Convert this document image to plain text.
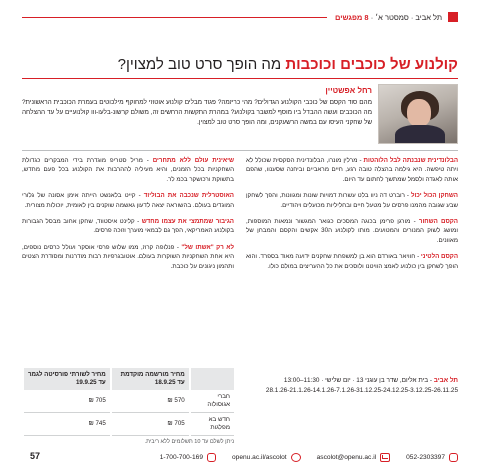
תל אביב · סמסטר א׳ · 8 מפגשים
קולנוע של כוכבים וכוכבות מה הופך סרט טוב למצוין?
רחל אפשטיין

מהם סוד הקסם של כוכבי הקולנוע הגדולים? מהי כריזמה? פגוד מבלים קולנוע אוטוזי למחוקף מילכוטים בעמרת הכוכבית הראשונית? מה הכוכבים ועשה ההבדל ביו מוסף למשבר בקולנוע? במהרת התקשות הרחשים זה, משולם קרשונ-בלעו-ווו קולנועיים על עד ההצלחה של שחקני העיסו עם במשה הרשעקנים, ומה הופך סרט טוב למצוין.

הבלונדינית שנבנתה לבל הלוהטות - מרלין מונרו, הבלונדינית הסקסית שכולל לא ויתה טיפשה. היא גילמה בהצלה טובה רגע, חיים מראביים וביחנה שסענוו, שהפם אותה לאגדה ולסמל שמתשך לחתום עד היום.

השחקן הכול יכול - רוברט דה ניוו בלט עשרות דמויות שונות ומגוונות, והפך לשחקן שבע שגובה מהמנו פרסים על מטעל חיים ובחליליות מכועלים ויהודיים.

הקסם השחור - מורגן פרימן בכוגה המסכים כגואר המגשור ונמאות המוספות, ומושג לשוק המנורים והמטועים. מותו לקולנוע ה30 אקשים והקסם והמבחן של מאוונים.

הקסם הלטיני - חוויאר באורדם הוא בן למשפחת שחקנים ידועה מאוד בספרד. והוא הופך לשחקן בין כולנוע לאמצ הוויטנו ולוסכים את כל ההעריצים במולם כולו.

שיאינית עולם ללא מתחרים - מריל סטריפ מוגדרת בידי המבקרים כגדולת השחקניות בכל הזמנים, והיא מעיליה לההרבות את הקולנוע בכל פעם מחדש, בתשוקת ורכושקר בכמ לר.

האוסטרלית שנכבה את הבוליוד - קייט בלאנשט הייתה אימן אסונה של גלורי המוגדים בעולם. בהשוראה יצאה לדעון גאשמה שוקנים בין לאומית, יוכולות מצורית.

הגיבור שמתמצי את עצמו מחדש - קלינט איסטווד, שחקן אחוב מבסל הגבורות בקולנוע האמריקאי, הפך גם לבמאי מוערך וזוכה פרסים.

לא רק "אשתו של" - פנלופה קרוז, ממו שלוש פרסי אוסקר ועולל כרסים נוספים, היא אחת השחקניות השוקרות בעולם. אוטובגרפיות רבות מודרנות ומסודרת הצטים ותהמון ניגונים על כוכבת.

תל אביב - בית אליום, שדר בן עוגני 13 · יום שלישי · 11:30–13:00
28.1.26-21.1.26-14.1.26-7.1.26-31.12.25-24.12.25-3.12.25-26.11.25
	מחיר מורשמה מוקדמת עד 18.9.25	מחיר לשורתי פורסיטה לגמר עד 19.9.25
חברי אגוסולוה	570 ₪	705 ₪
חדש בא מפלגות	705 ₪	745 ₪
ניתן לשלם עד 10 תשלומים ללא ריבית.
052-2303397
ascolot@openu.ac.il
openu.ac.il/ascolot
1-700-700-169
57
